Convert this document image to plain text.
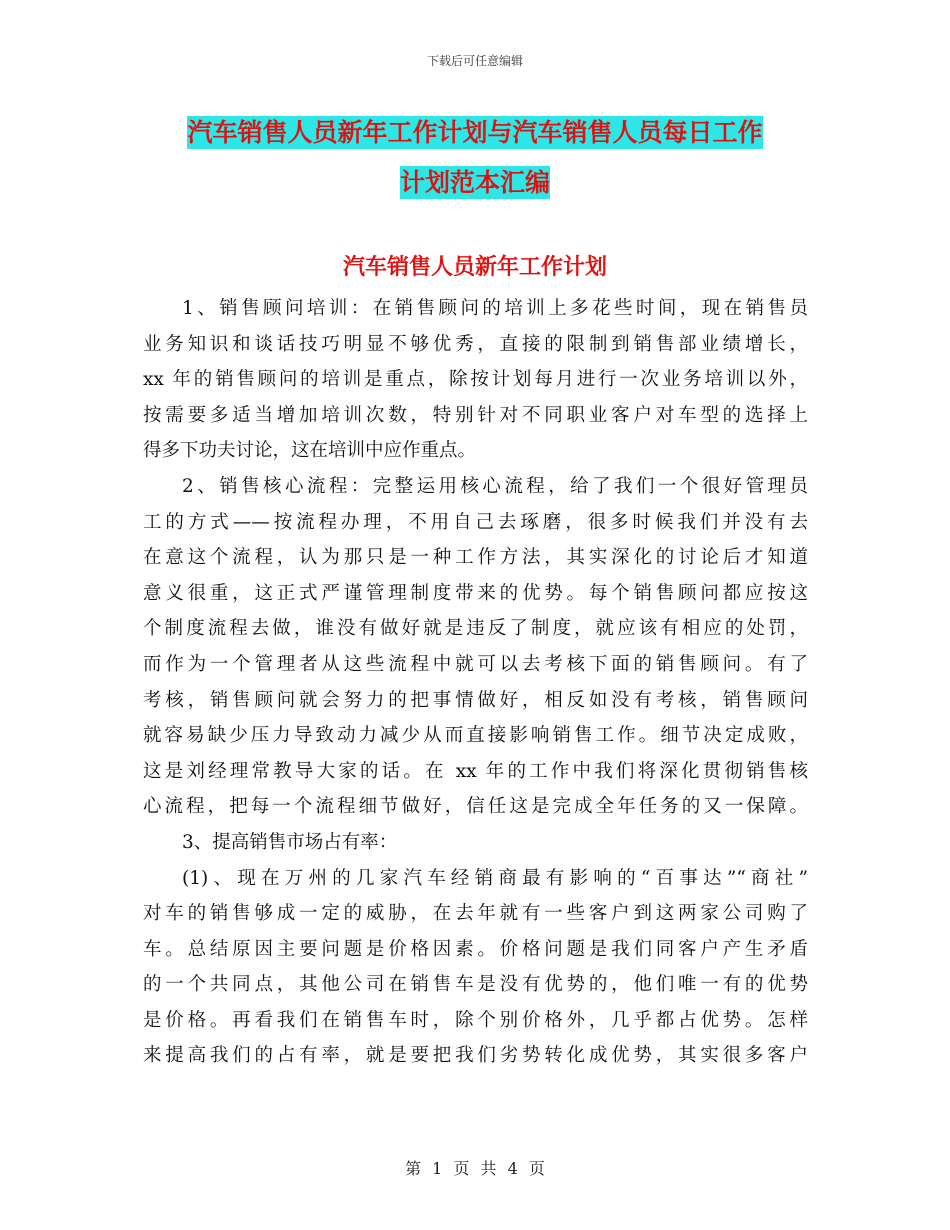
下载后可任意编辑
汽车销售人员新年工作计划与汽车销售人员每日工作
计划范本汇编
汽车销售人员新年工作计划
1、销售顾问培训：在销售顾问的培训上多花些时间，现在销售员
业务知识和谈话技巧明显不够优秀，直接的限制到销售部业绩增长，
xx 年的销售顾问的培训是重点，除按计划每月进行一次业务培训以外，
按需要多适当增加培训次数，特别针对不同职业客户对车型的选择上
得多下功夫讨论，这在培训中应作重点。
2、销售核心流程：完整运用核心流程，给了我们一个很好管理员
工的方式——按流程办理，不用自己去琢磨，很多时候我们并没有去
在意这个流程，认为那只是一种工作方法，其实深化的讨论后才知道
意义很重，这正式严谨管理制度带来的优势。每个销售顾问都应按这
个制度流程去做，谁没有做好就是违反了制度，就应该有相应的处罚，
而作为一个管理者从这些流程中就可以去考核下面的销售顾问。有了
考核，销售顾问就会努力的把事情做好，相反如没有考核，销售顾问
就容易缺少压力导致动力减少从而直接影响销售工作。细节决定成败，
这是刘经理常教导大家的话。在 xx 年的工作中我们将深化贯彻销售核
心流程，把每一个流程细节做好，信任这是完成全年任务的又一保障。
3、提高销售市场占有率：
(1)、现在万州的几家汽车经销商最有影响的“百事达”“商社”
对车的销售够成一定的威胁，在去年就有一些客户到这两家公司购了
车。总结原因主要问题是价格因素。价格问题是我们同客户产生矛盾
的一个共同点，其他公司在销售车是没有优势的，他们唯一有的优势
是价格。再看我们在销售车时，除个别价格外，几乎都占优势。怎样
来提高我们的占有率，就是要把我们劣势转化成优势，其实很多客户
第 1 页 共 4 页
